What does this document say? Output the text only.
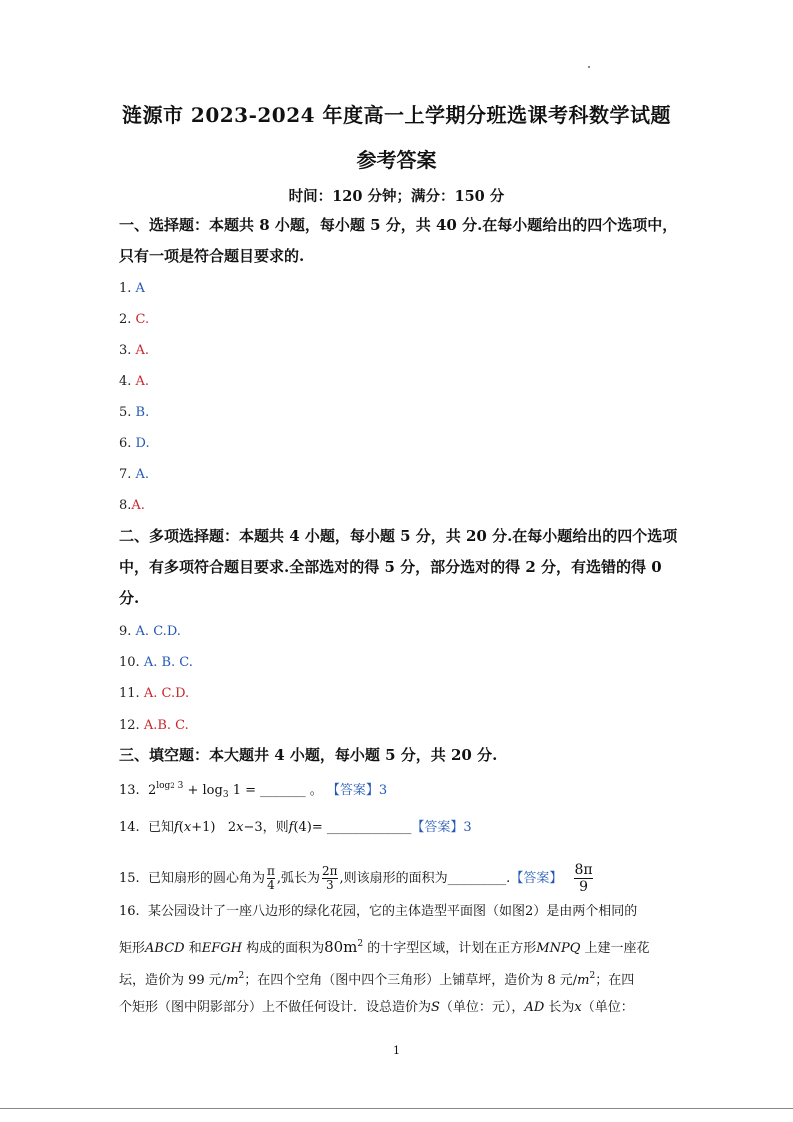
涟源市 2023-2024 年度高一上学期分班选课考科数学试题
参考答案
时间：120 分钟；满分：150 分
一、选择题：本题共 8 小题，每小题 5 分，共 40 分.在每小题给出的四个选项中，只有一项是符合题目要求的.
1. A
2. C.
3. A.
4. A.
5. B.
6. D.
7. A.
8.A.
二、多项选择题：本题共 4 小题，每小题 5 分，共 20 分.在每小题给出的四个选项中，有多项符合题目要求.全部选对的得 5 分，部分选对的得 2 分，有选错的得 0 分.
9. A. C.D.
10. A. B. C.
11. A. C.D.
12. A.B. C.
三、填空题：本大题井 4 小题，每小题 5 分，共 20 分.
13.  $2^{log2 3} + \log_3 1$ = _______ 。 【答案】3
14. 已知f(x+1)   2x−3，则f(4)= _____________【答案】3
15. 已知扇形的圆心角为 $\frac{\pi}{4}$ ,弧长为 $\frac{2\pi}{3}$ ,则该扇形的面积为_________.【答案】 $\frac{8\pi}{9}$
16. 某公园设计了一座八边形的绿化花园，它的主体造型平面图（如图2）是由两个相同的
矩形ABCD 和EFGH 构成的面积为$80m^2$ 的十字型区域，计划在正方形MNPQ 上建一座花
坛，造价为 99 元$/m^2$；在四个空角（图中四个三角形）上铺草坪，造价为 8 元$/m^2$；在四
个矩形（图中阴影部分）上不做任何设计．设总造价为S（单位：元），AD 长为x（单位：
1
